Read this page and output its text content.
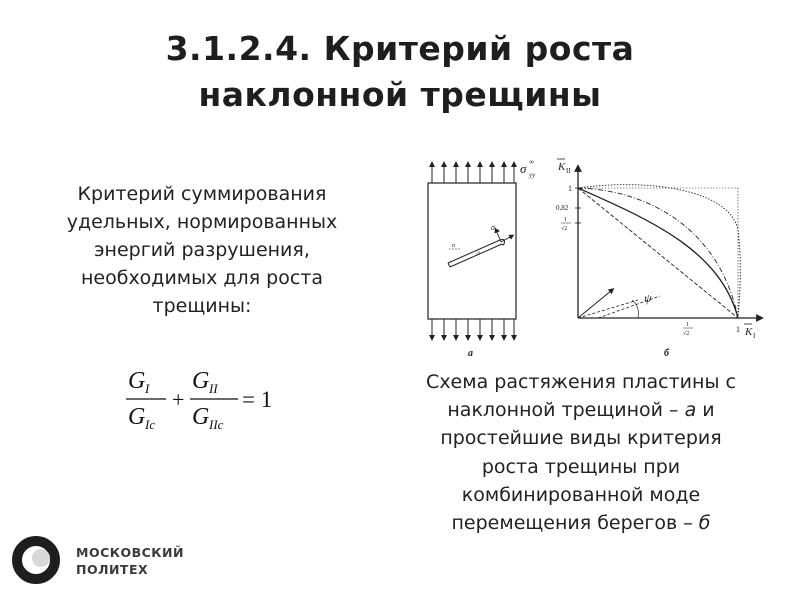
3.1.2.4. Критерий роста
наклонной трещины
Критерий суммирования
удельных, нормированных
энергий разрушения,
необходимых для роста
трещины:
G I
G Ic
+
G II
G IIc
= 1
σ ∞
yy
σ n
α
2l
а
K II
K I
1
0,82
1
√2
1
√2	1
ψ
б
Схема растяжения пластины с
наклонной трещиной – а и
простейшие виды критерия
роста трещины при
комбинированной моде
перемещения берегов – б
МОСКОВСКИЙ
ПОЛИТЕХ
